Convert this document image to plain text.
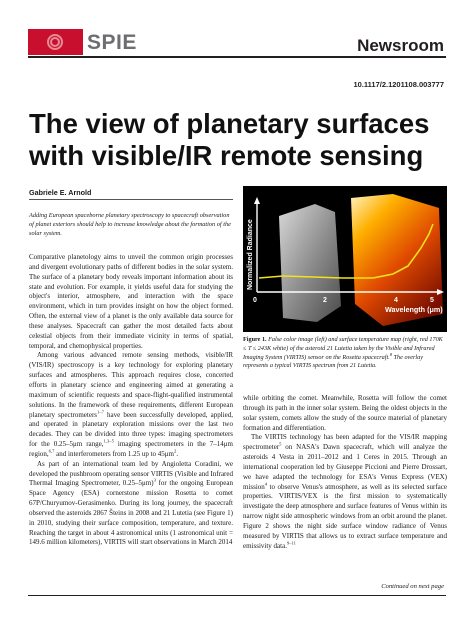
SPIE	Newsroom
10.1117/2.1201108.003777
The view of planetary surfaces with visible/IR remote sensing
Gabriele E. Arnold

Adding European spaceborne planetary spectroscopy to spacecraft observation of planet exteriors should help to increase knowledge about the formation of the solar system.

Comparative planetology aims to unveil the common origin processes and divergent evolutionary paths of different bodies in the solar system. The surface of a planetary body reveals important information about its state and evolution. For example, it yields useful data for studying the object's interior, atmosphere, and interaction with the space environment, which in turn provides insight on how the object formed. Often, the external view of a planet is the only available data source for these analyses. Spacecraft can gather the most detailed facts about celestial objects from their immediate vicinity in terms of spatial, temporal, and chemophysical properties.

Among various advanced remote sensing methods, visible/IR (VIS/IR) spectroscopy is a key technology for exploring planetary surfaces and atmospheres. This approach requires close, concerted efforts in planetary science and engineering aimed at generating a maximum of scientific requests and space-flight-qualified instrumental solutions. In the framework of these requirements, different European planetary spectrometers$^{1-7}$ have been successfully developed, applied, and operated in planetary exploration missions over the last two decades. They can be divided into three types: imaging spectrometers for the 0.25–5μm range,$^{1,3-5}$ imaging spectrometers in the 7–14μm region,$^{6,7}$ and interferometers from 1.25 up to $45\mu m^2$.

As part of an international team led by Angioletta Coradini, we developed the pushbroom operating sensor VIRTIS (Visible and Infrared Thermal Imaging Spectrometer, 0.25–5μm)$^3$ for the ongoing European Space Agency (ESA) cornerstone mission Rosetta to comet 67P/Churyumov-Gerasimenko. During its long journey, the spacecraft observed the asteroids 2867 Šteins in 2008 and 21 Lutetia (see Figure 1) in 2010, studying their surface composition, temperature, and texture. Reaching the target in about 4 astronomical units (1 astronomical unit = 149.6 million kilometers), VIRTIS will start observations in March 2014

Normalized Radiance
0	2	4	5
Wavelength (μm)

Figure 1. False color image (left) and surface temperature map (right, red 170K ≤ T ≤ 243K white) of the asteroid 21 Lutetia taken by the Visible and Infrared Imaging System (VIRTIS) sensor on the Rosetta spacecraft.$^8$ The overlay represents a typical VIRTIS spectrum from 21 Lutetia.

while orbiting the comet. Meanwhile, Rosetta will follow the comet through its path in the inner solar system. Being the oldest objects in the solar system, comets allow the study of the source material of planetary formation and differentiation.

The VIRTIS technology has been adapted for the VIS/IR mapping spectrometer$^5$ on NASA's Dawn spacecraft, which will analyze the asteroids 4 Vesta in 2011–2012 and 1 Ceres in 2015. Through an international cooperation led by Giuseppe Piccioni and Pierre Drossart, we have adapted the technology for ESA's Venus Express (VEX) mission$^4$ to observe Venus's atmosphere, as well as its selected surface properties. VIRTIS/VEX is the first mission to systematically investigate the deep atmosphere and surface features of Venus within its narrow night side atmospheric windows from an orbit around the planet. Figure 2 shows the night side surface window radiance of Venus measured by VIRTIS that allows us to extract surface temperature and emissivity data.$^{9-11}$

Continued on next page
